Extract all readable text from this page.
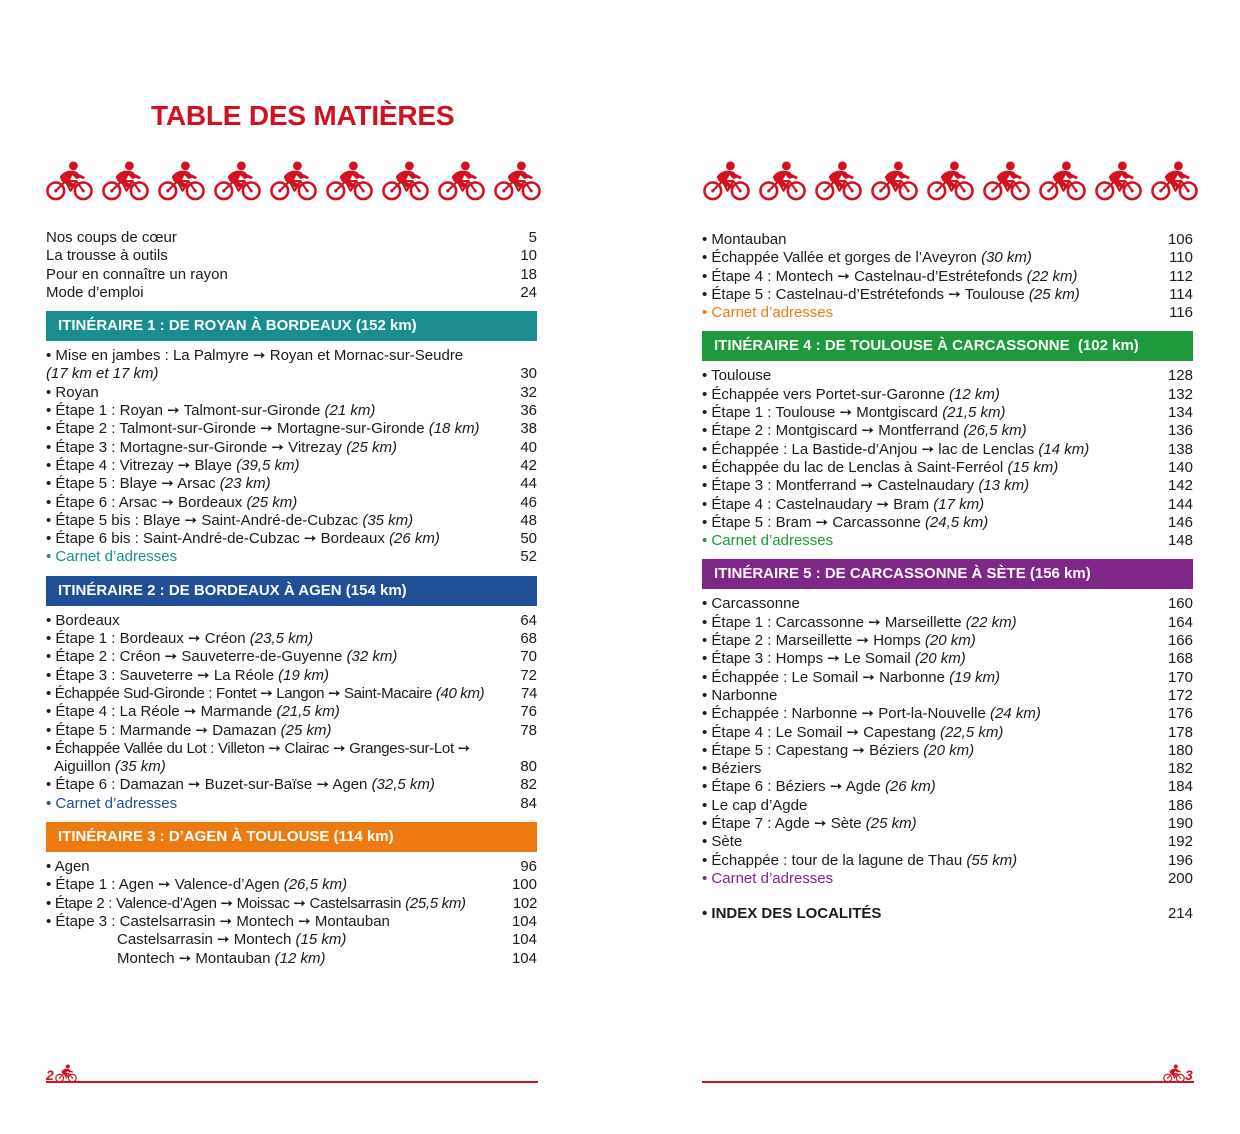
TABLE DES MATIÈRES
Nos coups de cœur	5
La trousse à outils	10
Pour en connaître un rayon	18
Mode d’emploi	24
ITINÉRAIRE 1 : DE ROYAN À BORDEAUX (152 km)
• Mise en jambes : La Palmyre ➙ Royan et Mornac-sur-Seudre
(17 km et 17 km)	30
• Royan	32
• Étape 1 : Royan ➙ Talmont-sur-Gironde (21 km)	36
• Étape 2 : Talmont-sur-Gironde ➙ Mortagne-sur-Gironde (18 km)	38
• Étape 3 : Mortagne-sur-Gironde ➙ Vitrezay (25 km)	40
• Étape 4 : Vitrezay ➙ Blaye (39,5 km)	42
• Étape 5 : Blaye ➙ Arsac (23 km)	44
• Étape 6 : Arsac ➙ Bordeaux (25 km)	46
• Étape 5 bis : Blaye ➙ Saint-André-de-Cubzac (35 km)	48
• Étape 6 bis : Saint-André-de-Cubzac ➙ Bordeaux (26 km)	50
• Carnet d’adresses	52
ITINÉRAIRE 2 : DE BORDEAUX À AGEN (154 km)
• Bordeaux	64
• Étape 1 : Bordeaux ➙ Créon (23,5 km)	68
• Étape 2 : Créon ➙ Sauveterre-de-Guyenne (32 km)	70
• Étape 3 : Sauveterre ➙ La Réole (19 km)	72
• Échappée Sud-Gironde : Fontet ➙ Langon ➙ Saint-Macaire (40 km)	74
• Étape 4 : La Réole ➙ Marmande (21,5 km)	76
• Étape 5 : Marmande ➙ Damazan (25 km)	78
• Échappée Vallée du Lot : Villeton ➙ Clairac ➙ Granges-sur-Lot ➙
Aiguillon (35 km)	80
• Étape 6 : Damazan ➙ Buzet-sur-Baïse ➙ Agen (32,5 km)	82
• Carnet d’adresses	84
ITINÉRAIRE 3 : D’AGEN À TOULOUSE (114 km)
• Agen	96
• Étape 1 : Agen ➙ Valence-d’Agen (26,5 km)	100
• Étape 2 : Valence-d’Agen ➙ Moissac ➙ Castelsarrasin (25,5 km)	102
• Étape 3 : Castelsarrasin ➙ Montech ➙ Montauban	104
Castelsarrasin ➙ Montech (15 km)	104
Montech ➙ Montauban (12 km)	104
2
• Montauban	106
• Échappée Vallée et gorges de l’Aveyron (30 km)	110
• Étape 4 : Montech ➙ Castelnau-d’Estrétefonds (22 km)	112
• Étape 5 : Castelnau-d’Estrétefonds ➙ Toulouse (25 km)	114
• Carnet d’adresses	116
ITINÉRAIRE 4 : DE TOULOUSE À CARCASSONNE  (102 km)
• Toulouse	128
• Échappée vers Portet-sur-Garonne (12 km)	132
• Étape 1 : Toulouse ➙ Montgiscard (21,5 km)	134
• Étape 2 : Montgiscard ➙ Montferrand (26,5 km)	136
• Échappée : La Bastide-d’Anjou ➙ lac de Lenclas (14 km)	138
• Échappée du lac de Lenclas à Saint-Ferréol (15 km)	140
• Étape 3 : Montferrand ➙ Castelnaudary (13 km)	142
• Étape 4 : Castelnaudary ➙ Bram (17 km)	144
• Étape 5 : Bram ➙ Carcassonne (24,5 km)	146
• Carnet d’adresses	148
ITINÉRAIRE 5 : DE CARCASSONNE À SÈTE (156 km)
• Carcassonne	160
• Étape 1 : Carcassonne ➙ Marseillette (22 km)	164
• Étape 2 : Marseillette ➙ Homps (20 km)	166
• Étape 3 : Homps ➙ Le Somail (20 km)	168
• Échappée : Le Somail ➙ Narbonne (19 km)	170
• Narbonne	172
• Échappée : Narbonne ➙ Port-la-Nouvelle (24 km)	176
• Étape 4 : Le Somail ➙ Capestang (22,5 km)	178
• Étape 5 : Capestang ➙ Béziers (20 km)	180
• Béziers	182
• Étape 6 : Béziers ➙ Agde (26 km)	184
• Le cap d’Agde	186
• Étape 7 : Agde ➙ Sète (25 km)	190
• Sète	192
• Échappée : tour de la lagune de Thau (55 km)	196
• Carnet d’adresses	200
• INDEX DES LOCALITÉS	214
3
